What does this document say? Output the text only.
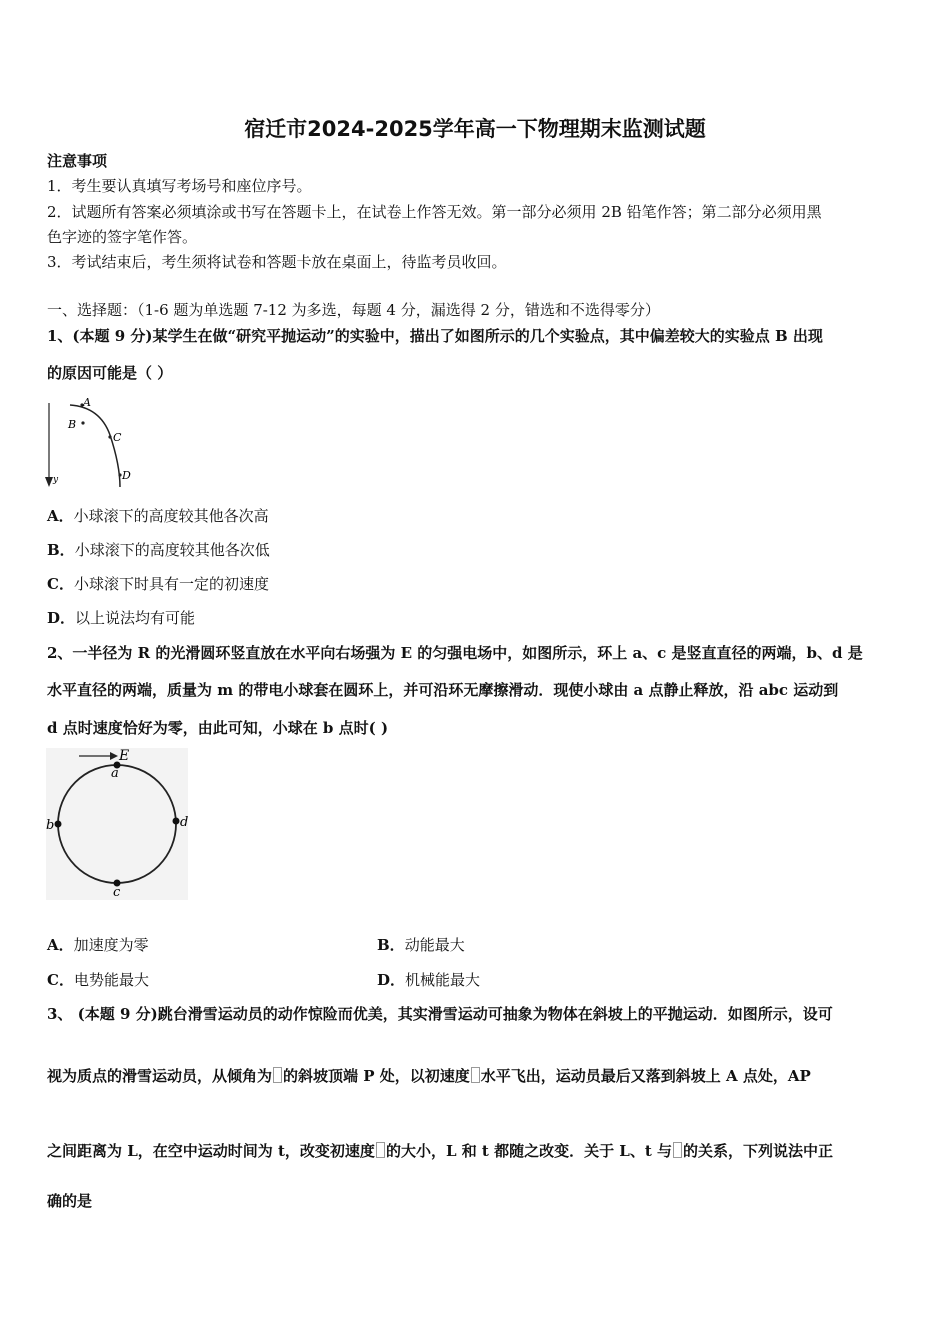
宿迁市2024-2025学年高一下物理期末监测试题
注意事项
1．考生要认真填写考场号和座位序号。
2．试题所有答案必须填涂或书写在答题卡上，在试卷上作答无效。第一部分必须用 2B 铅笔作答；第二部分必须用黑
色字迹的签字笔作答。
3．考试结束后，考生须将试卷和答题卡放在桌面上，待监考员收回。
一、选择题：（1-6 题为单选题 7-12 为多选，每题 4 分，漏选得 2 分，错选和不选得零分）
1、(本题 9 分)某学生在做“研究平抛运动”的实验中，描出了如图所示的几个实验点，其中偏差较大的实验点 B 出现
的原因可能是（ ）
A
B
C
D
y
A．小球滚下的高度较其他各次高
B．小球滚下的高度较其他各次低
C．小球滚下时具有一定的初速度
D．以上说法均有可能
2、一半径为 R 的光滑圆环竖直放在水平向右场强为 E 的匀强电场中，如图所示，环上 a、c 是竖直直径的两端，b、d 是
水平直径的两端，质量为 m 的带电小球套在圆环上，并可沿环无摩擦滑动．现使小球由 a 点静止释放，沿 abc 运动到
d 点时速度恰好为零，由此可知，小球在 b 点时( )
E
a
b
c
d
A．加速度为零	B．动能最大
C．电势能最大	D．机械能最大
3、 (本题 9 分)跳台滑雪运动员的动作惊险而优美，其实滑雪运动可抽象为物体在斜坡上的平抛运动．如图所示，设可
视为质点的滑雪运动员，从倾角为 的斜坡顶端 P 处，以初速度 水平飞出，运动员最后又落到斜坡上 A 点处，AP
之间距离为 L，在空中运动时间为 t，改变初速度 的大小，L 和 t 都随之改变．关于 L、t 与 的关系，下列说法中正
确的是
